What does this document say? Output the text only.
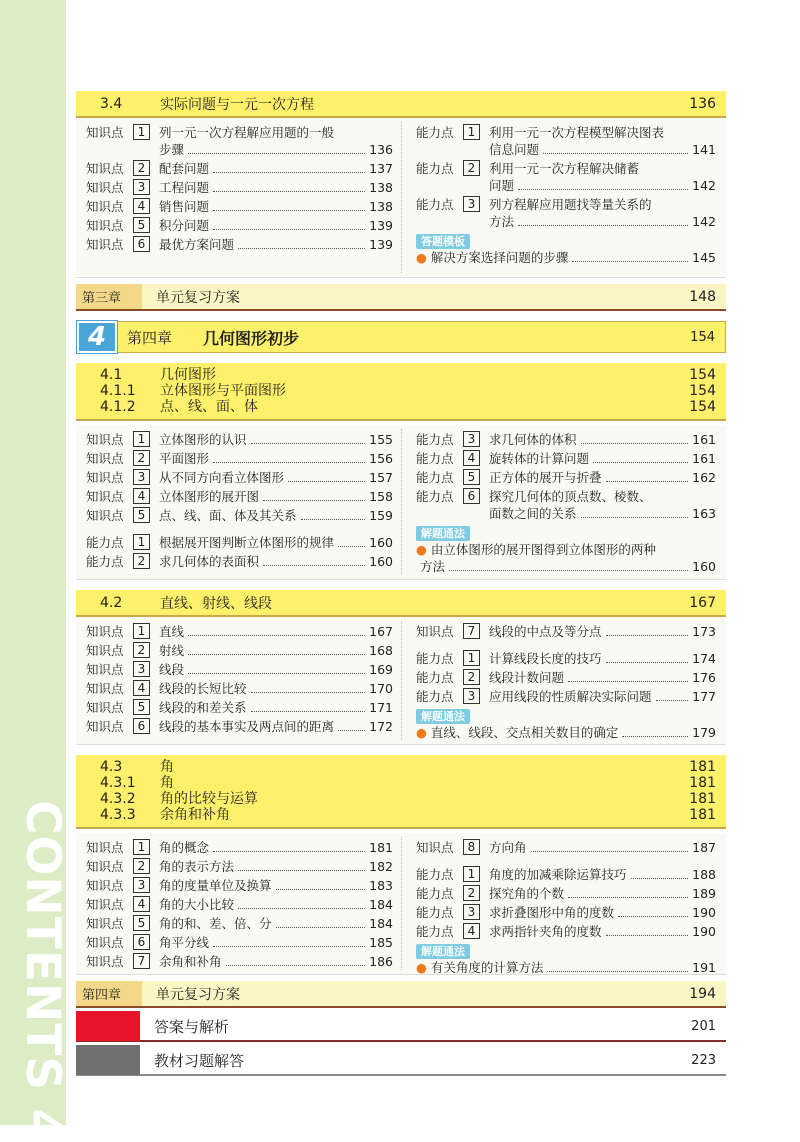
CONTENTS 4
3.4	实际问题与一元一次方程	136
知识点	1	列一元一次方程解应用题的一般
步骤	136
知识点	2	配套问题	137
知识点	3	工程问题	138
知识点	4	销售问题	138
知识点	5	积分问题	139
知识点	6	最优方案问题	139
能力点	1	利用一元一次方程模型解决图表
信息问题	141
能力点	2	利用一元一次方程解决储蓄
问题	142
能力点	3	列方程解应用题找等量关系的
方法	142
答题模板
● 解决方案选择问题的步骤	145
第三章	单元复习方案	148
4	第四章	几何图形初步	154
4.1	几何图形	154
4.1.1	立体图形与平面图形	154
4.1.2	点、线、面、体	154
知识点	1	立体图形的认识	155
知识点	2	平面图形	156
知识点	3	从不同方向看立体图形	157
知识点	4	立体图形的展开图	158
知识点	5	点、线、面、体及其关系	159
能力点	1	根据展开图判断立体图形的规律	160
能力点	2	求几何体的表面积	160
能力点	3	求几何体的体积	161
能力点	4	旋转体的计算问题	161
能力点	5	正方体的展开与折叠	162
能力点	6	探究几何体的顶点数、棱数、
面数之间的关系	163
解题通法
● 由立体图形的展开图得到立体图形的两种
方法	160
4.2	直线、射线、线段	167
知识点	1	直线	167
知识点	2	射线	168
知识点	3	线段	169
知识点	4	线段的长短比较	170
知识点	5	线段的和差关系	171
知识点	6	线段的基本事实及两点间的距离	172
知识点	7	线段的中点及等分点	173
能力点	1	计算线段长度的技巧	174
能力点	2	线段计数问题	176
能力点	3	应用线段的性质解决实际问题	177
解题通法
● 直线、线段、交点相关数目的确定	179
4.3	角	181
4.3.1	角	181
4.3.2	角的比较与运算	181
4.3.3	余角和补角	181
知识点	1	角的概念	181
知识点	2	角的表示方法	182
知识点	3	角的度量单位及换算	183
知识点	4	角的大小比较	184
知识点	5	角的和、差、倍、分	184
知识点	6	角平分线	185
知识点	7	余角和补角	186
知识点	8	方向角	187
能力点	1	角度的加减乘除运算技巧	188
能力点	2	探究角的个数	189
能力点	3	求折叠图形中角的度数	190
能力点	4	求两指针夹角的度数	190
解题通法
● 有关角度的计算方法	191
第四章	单元复习方案	194
答案与解析	201
教材习题解答	223
